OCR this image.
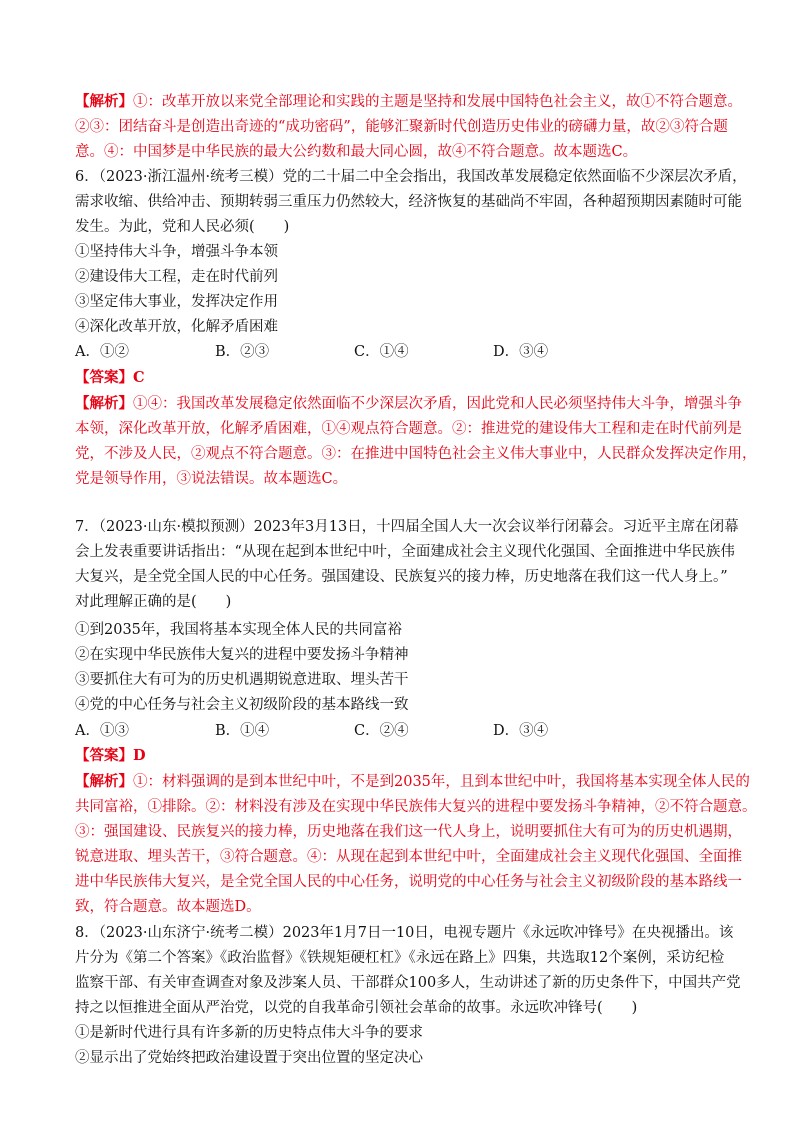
【解析】①：改革开放以来党全部理论和实践的主题是坚持和发展中国特色社会主义，故①不符合题意。
②③：团结奋斗是创造出奇迹的“成功密码”，能够汇聚新时代创造历史伟业的磅礴力量，故②③符合题
意。④：中国梦是中华民族的最大公约数和最大同心圆，故④不符合题意。故本题选C。
6．（2023·浙江温州·统考三模）党的二十届二中全会指出，我国改革发展稳定依然面临不少深层次矛盾，
需求收缩、供给冲击、预期转弱三重压力仍然较大，经济恢复的基础尚不牢固，各种超预期因素随时可能
发生。为此，党和人民必须(　　)
①坚持伟大斗争，增强斗争本领
②建设伟大工程，走在时代前列
③坚定伟大事业，发挥决定作用
④深化改革开放，化解矛盾困难
A．①②	B．②③	C．①④	D．③④
【答案】C
【解析】①④：我国改革发展稳定依然面临不少深层次矛盾，因此党和人民必须坚持伟大斗争，增强斗争
本领，深化改革开放，化解矛盾困难，①④观点符合题意。②：推进党的建设伟大工程和走在时代前列是
党，不涉及人民，②观点不符合题意。③：在推进中国特色社会主义伟大事业中，人民群众发挥决定作用，
党是领导作用，③说法错误。故本题选C。
7．（2023·山东·模拟预测）2023年3月13日，十四届全国人大一次会议举行闭幕会。习近平主席在闭幕
会上发表重要讲话指出：“从现在起到本世纪中叶，全面建成社会主义现代化强国、全面推进中华民族伟
大复兴，是全党全国人民的中心任务。强国建设、民族复兴的接力棒，历史地落在我们这一代人身上。”
对此理解正确的是(　　)
①到2035年，我国将基本实现全体人民的共同富裕
②在实现中华民族伟大复兴的进程中要发扬斗争精神
③要抓住大有可为的历史机遇期锐意进取、埋头苦干
④党的中心任务与社会主义初级阶段的基本路线一致
A．①③	B．①④	C．②④	D．③④
【答案】D
【解析】①：材料强调的是到本世纪中叶，不是到2035年，且到本世纪中叶，我国将基本实现全体人民的
共同富裕，①排除。②：材料没有涉及在实现中华民族伟大复兴的进程中要发扬斗争精神，②不符合题意。
③：强国建设、民族复兴的接力棒，历史地落在我们这一代人身上，说明要抓住大有可为的历史机遇期，
锐意进取、埋头苦干，③符合题意。④：从现在起到本世纪中叶，全面建成社会主义现代化强国、全面推
进中华民族伟大复兴，是全党全国人民的中心任务，说明党的中心任务与社会主义初级阶段的基本路线一
致，符合题意。故本题选D。
8．（2023·山东济宁·统考二模）2023年1月7日一10日，电视专题片《永远吹冲锋号》在央视播出。该
片分为《第二个答案》《政治监督》《铁规矩硬杠杠》《永远在路上》四集，共选取12个案例，采访纪检
监察干部、有关审查调查对象及涉案人员、干部群众100多人，生动讲述了新的历史条件下，中国共产党
持之以恒推进全面从严治党，以党的自我革命引领社会革命的故事。永远吹冲锋号(　　)
①是新时代进行具有许多新的历史特点伟大斗争的要求
②显示出了党始终把政治建设置于突出位置的坚定决心
